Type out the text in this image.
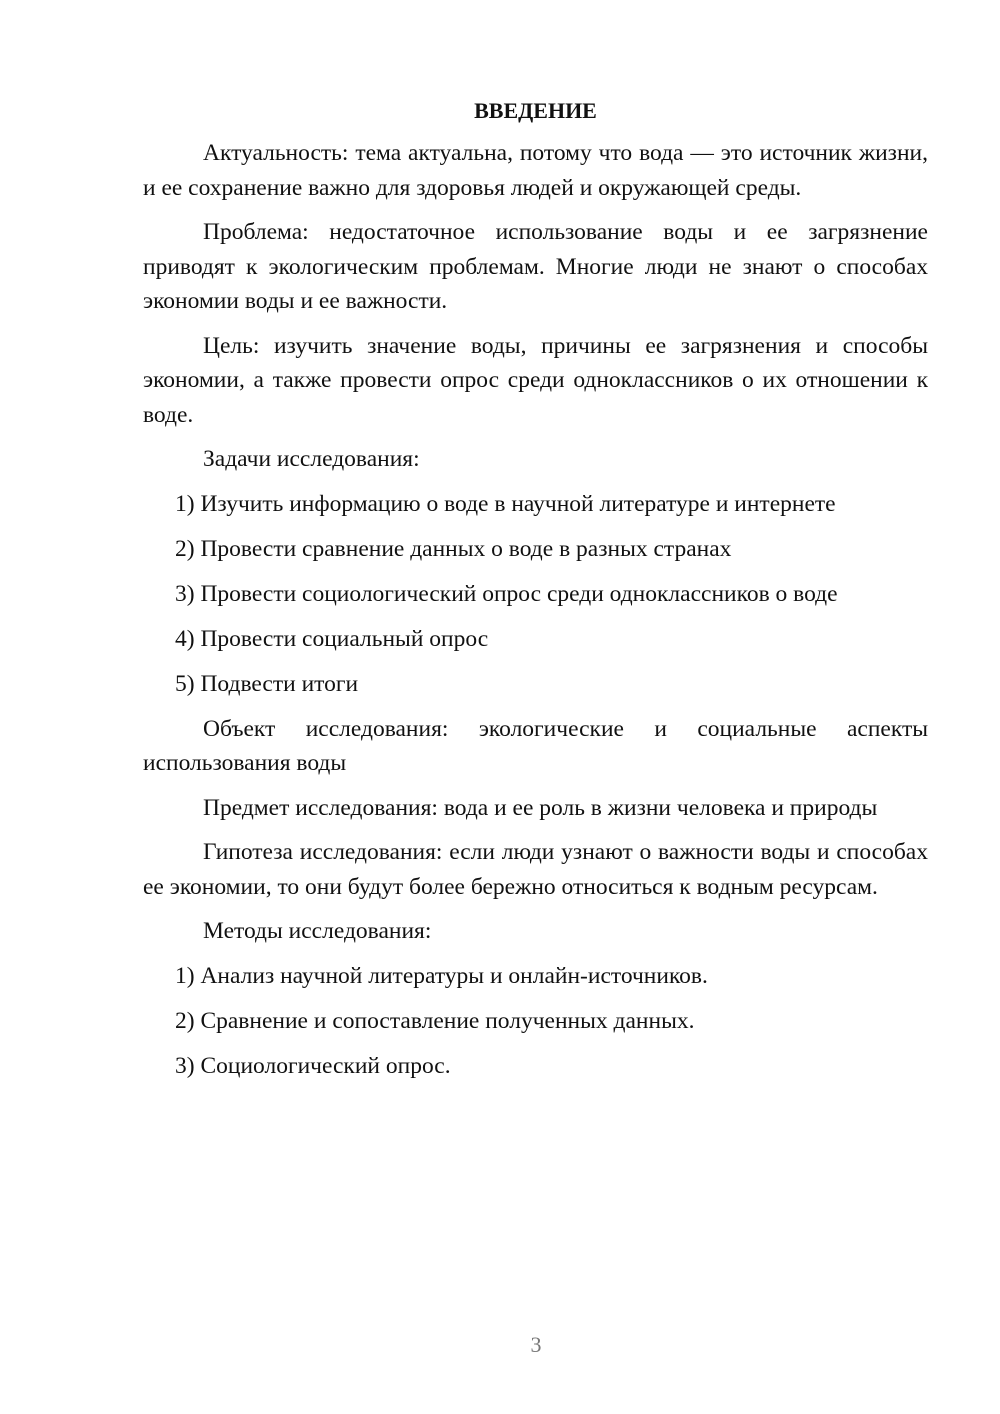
ВВЕДЕНИЕ
Актуальность: тема актуальна, потому что вода — это источник жизни, и ее сохранение важно для здоровья людей и окружающей среды.
Проблема: недостаточное использование воды и ее загрязнение приводят к экологическим проблемам. Многие люди не знают о способах экономии воды и ее важности.
Цель: изучить значение воды, причины ее загрязнения и способы экономии, а также провести опрос среди одноклассников о их отношении к воде.
Задачи исследования:
1) Изучить информацию о воде в научной литературе и интернете
2) Провести сравнение данных о воде в разных странах
3) Провести социологический опрос среди одноклассников о воде
4) Провести социальный опрос
5) Подвести итоги
Объект исследования: экологические и социальные аспекты
использования воды
Предмет исследования: вода и ее роль в жизни человека и природы
Гипотеза исследования: если люди узнают о важности воды и способах ее экономии, то они будут более бережно относиться к водным ресурсам.
Методы исследования:
1) Анализ научной литературы и онлайн-источников.
2) Сравнение и сопоставление полученных данных.
3) Социологический опрос.
3
